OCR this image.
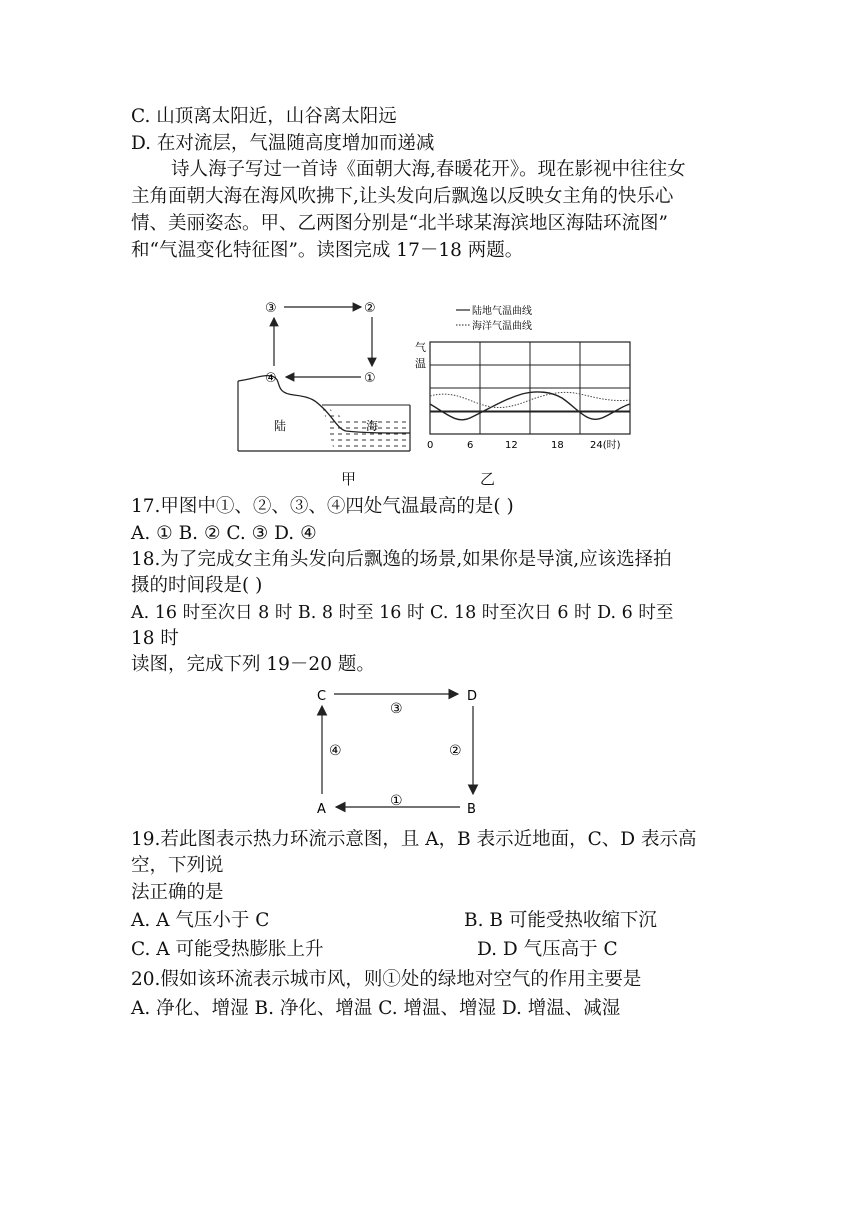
C. 山顶离太阳近，山谷离太阳远
D. 在对流层，气温随高度增加而递减
诗人海子写过一首诗《面朝大海,春暖花开》。现在影视中往往女
主角面朝大海在海风吹拂下,让头发向后飘逸以反映女主角的快乐心
情、美丽姿态。甲、乙两图分别是“北半球某海滨地区海陆环流图”
和“气温变化特征图”。读图完成 17－18 两题。
③	②
④	①
陆	海
陆地气温曲线
海洋气温曲线
气
温
0	6	12	18	24(时)
甲	乙
17.甲图中①、②、③、④四处气温最高的是( )
A. ① B. ② C. ③ D. ④
18.为了完成女主角头发向后飘逸的场景,如果你是导演,应该选择拍
摄的时间段是( )
A. 16 时至次日 8 时 B. 8 时至 16 时 C. 18 时至次日 6 时 D. 6 时至
18 时
读图，完成下列 19－20 题。
C	D
A	B
③
②
④
①
19.若此图表示热力环流示意图，且 A，B 表示近地面，C、D 表示高
空，下列说
法正确的是
A. A 气压小于 C	B. B 可能受热收缩下沉
C. A 可能受热膨胀上升	D. D 气压高于 C
20.假如该环流表示城市风，则①处的绿地对空气的作用主要是
A. 净化、增湿 B. 净化、增温 C. 增温、增湿 D. 增温、减湿
